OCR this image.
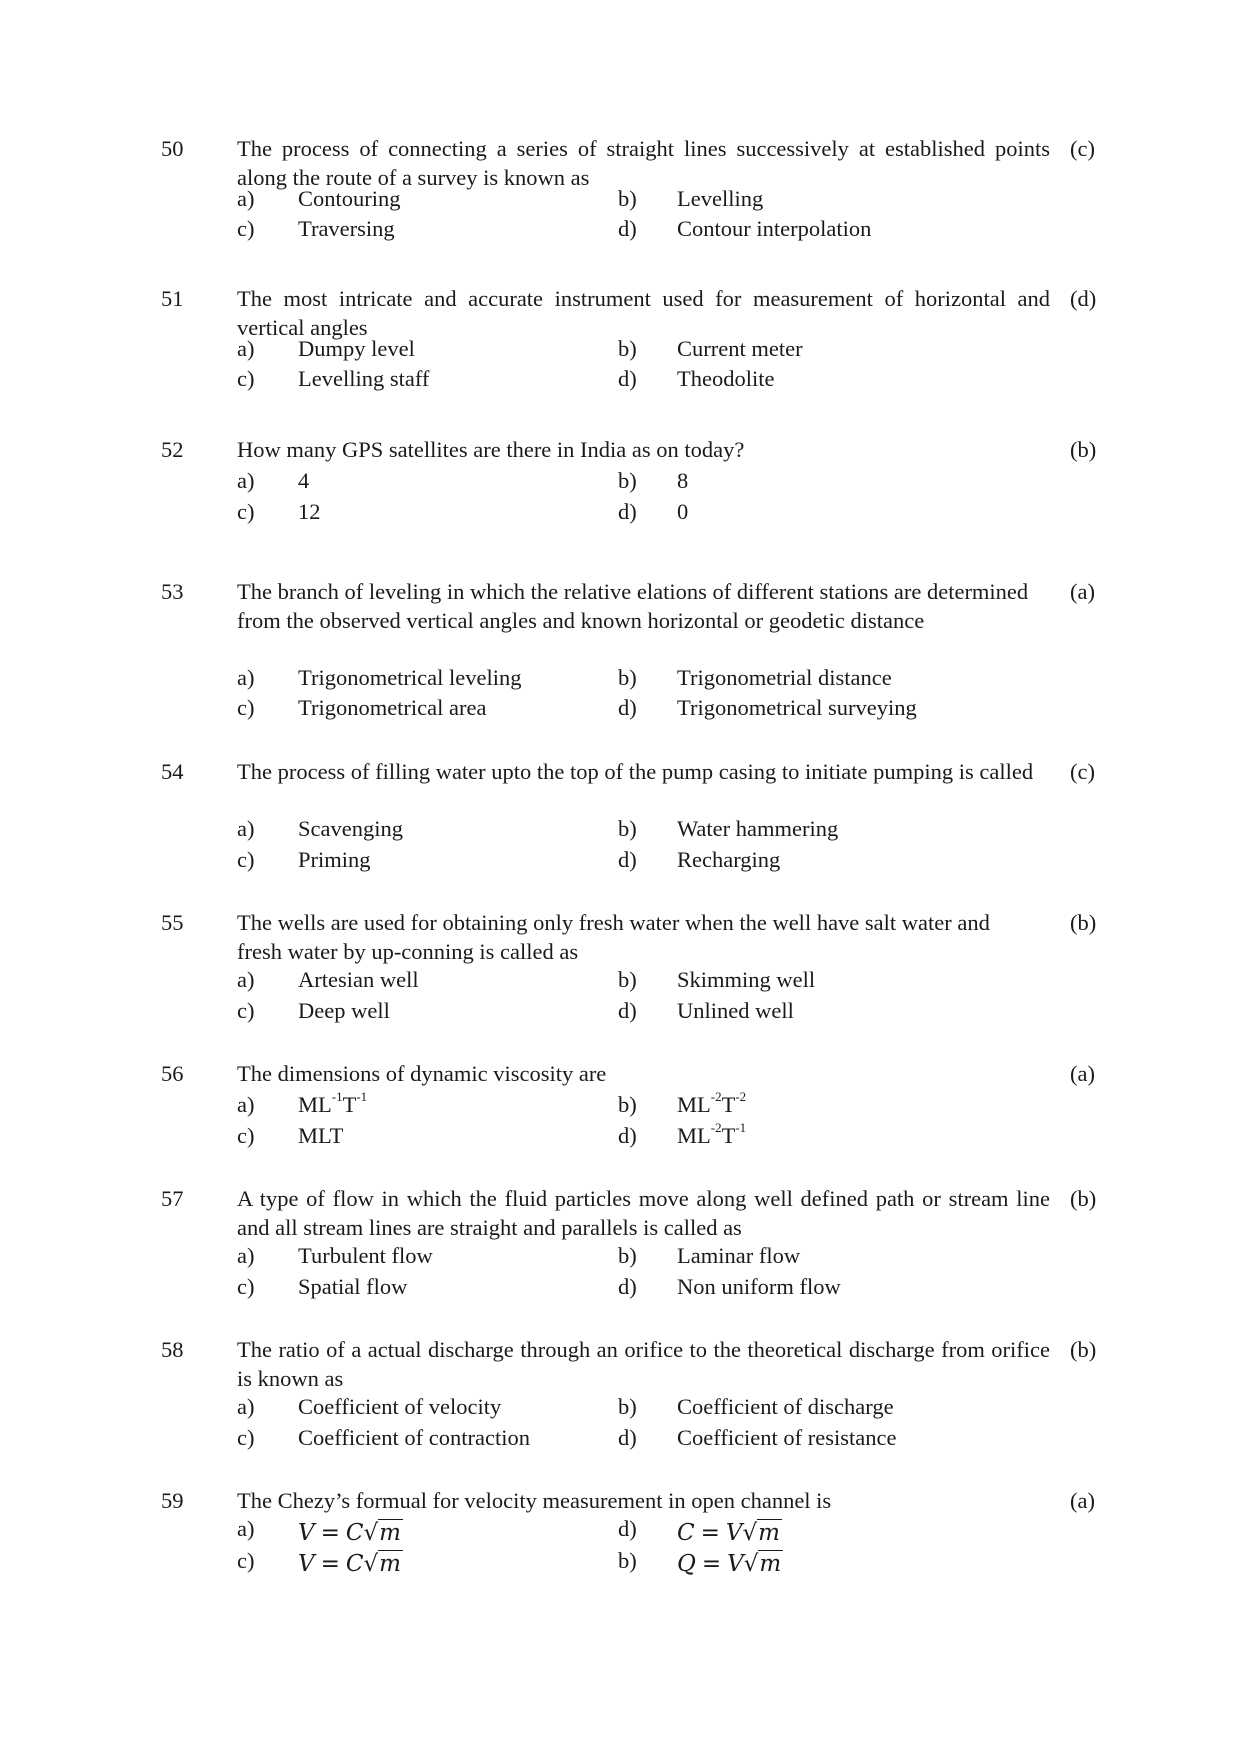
50 The process of connecting a series of straight lines successively at established points along the route of a survey is known as
(c)
a) Contouring	b) Levelling
c) Traversing	d) Contour interpolation
51 The most intricate and accurate instrument used for measurement of horizontal and vertical angles
(d)
a) Dumpy level	b) Current meter
c) Levelling staff	d) Theodolite
52 How many GPS satellites are there in India as on today?	(b)
a) 4	b) 8
c) 12	d) 0
53 The branch of leveling in which the relative elations of different stations are determined from the observed vertical angles and known horizontal or geodetic distance
(a)
a) Trigonometrical leveling	b) Trigonometrial distance
c) Trigonometrical area	d) Trigonometrical surveying
54 The process of filling water upto the top of the pump casing to initiate pumping is called (c)
a) Scavenging	b) Water hammering
c) Priming	d) Recharging
55 The wells are used for obtaining only fresh water when the well have salt water and fresh water by up-conning is called as
(b)
a) Artesian well	b) Skimming well
c) Deep well	d) Unlined well
56 The dimensions of dynamic viscosity are	(a)
a) $ML^{-1}T^{-1}$	b) $ML^{-2}T^{-2}$
c) MLT	d) $ML^{-2}T^{-1}$
57 A type of flow in which the fluid particles move along well defined path or stream line and all stream lines are straight and parallels is called as
(b)
a) Turbulent flow	b) Laminar flow
c) Spatial flow	d) Non uniform flow
58 The ratio of a actual discharge through an orifice to the theoretical discharge from orifice is known as
(b)
a) Coefficient of velocity	b) Coefficient of discharge
c) Coefficient of contraction	d) Coefficient of resistance
59 The Chezy’s formual for velocity measurement in open channel is	(a)
a) V = C√m	d) C = V√m
c) V = C√m	b) Q = V√m
